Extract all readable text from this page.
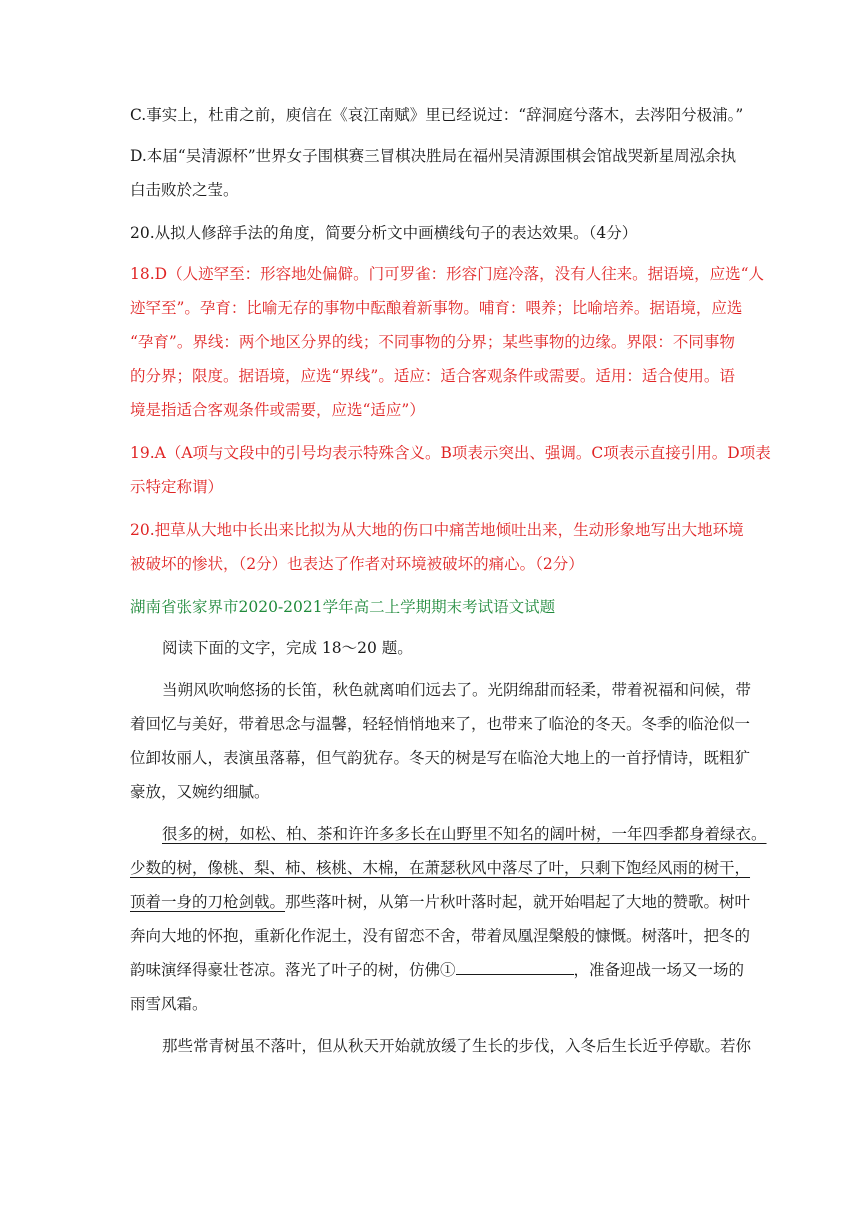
C.事实上，杜甫之前，庾信在《哀江南赋》里已经说过：“辞洞庭兮落木，去涔阳兮极浦。”
D.本届“吴清源杯”世界女子围棋赛三冒棋决胜局在福州吴清源围棋会馆战哭新星周泓余执
白击败於之莹。
20.从拟人修辞手法的角度，简要分析文中画横线句子的表达效果。（4分）
18.D（人迹罕至：形容地处偏僻。门可罗雀：形容门庭冷落，没有人往来。据语境，应选“人
迹罕至”。孕育：比喻无存的事物中酝酿着新事物。哺育：喂养；比喻培养。据语境，应选
“孕育”。界线：两个地区分界的线；不同事物的分界；某些事物的边缘。界限：不同事物
的分界；限度。据语境，应选“界线”。适应：适合客观条件或需要。适用：适合使用。语
境是指适合客观条件或需要，应选“适应”）
19.A（A项与文段中的引号均表示特殊含义。B项表示突出、强调。C项表示直接引用。D项表
示特定称谓）
20.把草从大地中长出来比拟为从大地的伤口中痛苦地倾吐出来，生动形象地写出大地环境
被破坏的惨状，（2分）也表达了作者对环境被破坏的痛心。（2分）
湖南省张家界市2020-2021学年高二上学期期末考试语文试题
阅读下面的文字，完成 18～20 题。
当朔风吹响悠扬的长笛，秋色就离咱们远去了。光阴绵甜而轻柔，带着祝福和问候，带
着回忆与美好，带着思念与温馨，轻轻悄悄地来了，也带来了临沧的冬天。冬季的临沧似一
位卸妆丽人，表演虽落幕，但气韵犹存。冬天的树是写在临沧大地上的一首抒情诗，既粗犷
豪放，又婉约细腻。
很多的树，如松、柏、茶和许许多多长在山野里不知名的阔叶树，一年四季都身着绿衣。
少数的树，像桃、梨、柿、核桃、木棉，在萧瑟秋风中落尽了叶，只剩下饱经风雨的树干，
顶着一身的刀枪剑戟。那些落叶树，从第一片秋叶落时起，就开始唱起了大地的赞歌。树叶
奔向大地的怀抱，重新化作泥土，没有留恋不舍，带着凤凰涅槃般的慷慨。树落叶，把冬的
韵味演绎得豪壮苍凉。落光了叶子的树，仿佛①	，准备迎战一场又一场的
雨雪风霜。
那些常青树虽不落叶，但从秋天开始就放缓了生长的步伐，入冬后生长近乎停歇。若你
